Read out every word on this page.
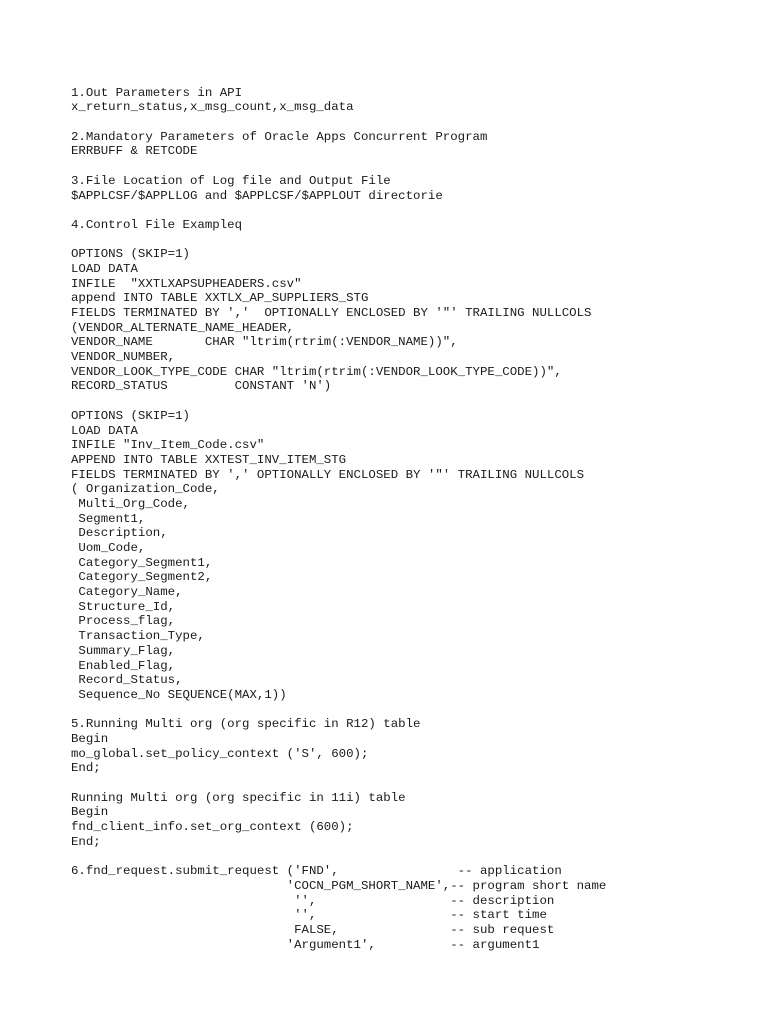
1.Out Parameters in API
x_return_status,x_msg_count,x_msg_data
2.Mandatory Parameters of Oracle Apps Concurrent Program
ERRBUFF & RETCODE
3.File Location of Log file and Output File
$APPLCSF/$APPLLOG and $APPLCSF/$APPLOUT directorie
4.Control File Exampleq
OPTIONS (SKIP=1)
LOAD DATA
INFILE  "XXTLXAPSUPHEADERS.csv"
append INTO TABLE XXTLX_AP_SUPPLIERS_STG
FIELDS TERMINATED BY ','  OPTIONALLY ENCLOSED BY '"' TRAILING NULLCOLS
(VENDOR_ALTERNATE_NAME_HEADER,
VENDOR_NAME       CHAR "ltrim(rtrim(:VENDOR_NAME))",
VENDOR_NUMBER,
VENDOR_LOOK_TYPE_CODE CHAR "ltrim(rtrim(:VENDOR_LOOK_TYPE_CODE))",
RECORD_STATUS         CONSTANT 'N')
OPTIONS (SKIP=1)
LOAD DATA
INFILE "Inv_Item_Code.csv"
APPEND INTO TABLE XXTEST_INV_ITEM_STG
FIELDS TERMINATED BY ',' OPTIONALLY ENCLOSED BY '"' TRAILING NULLCOLS
( Organization_Code,
Multi_Org_Code,
Segment1,
Description,
Uom_Code,
Category_Segment1,
Category_Segment2,
Category_Name,
Structure_Id,
Process_flag,
Transaction_Type,
Summary_Flag,
Enabled_Flag,
Record_Status,
Sequence_No SEQUENCE(MAX,1))
5.Running Multi org (org specific in R12) table
Begin
mo_global.set_policy_context ('S', 600);
End;
Running Multi org (org specific in 11i) table
Begin
fnd_client_info.set_org_context (600);
End;
6.fnd_request.submit_request ('FND',                -- application
'COCN_PGM_SHORT_NAME',-- program short name
'',                  -- description
'',                  -- start time
FALSE,               -- sub request
'Argument1',          -- argument1
